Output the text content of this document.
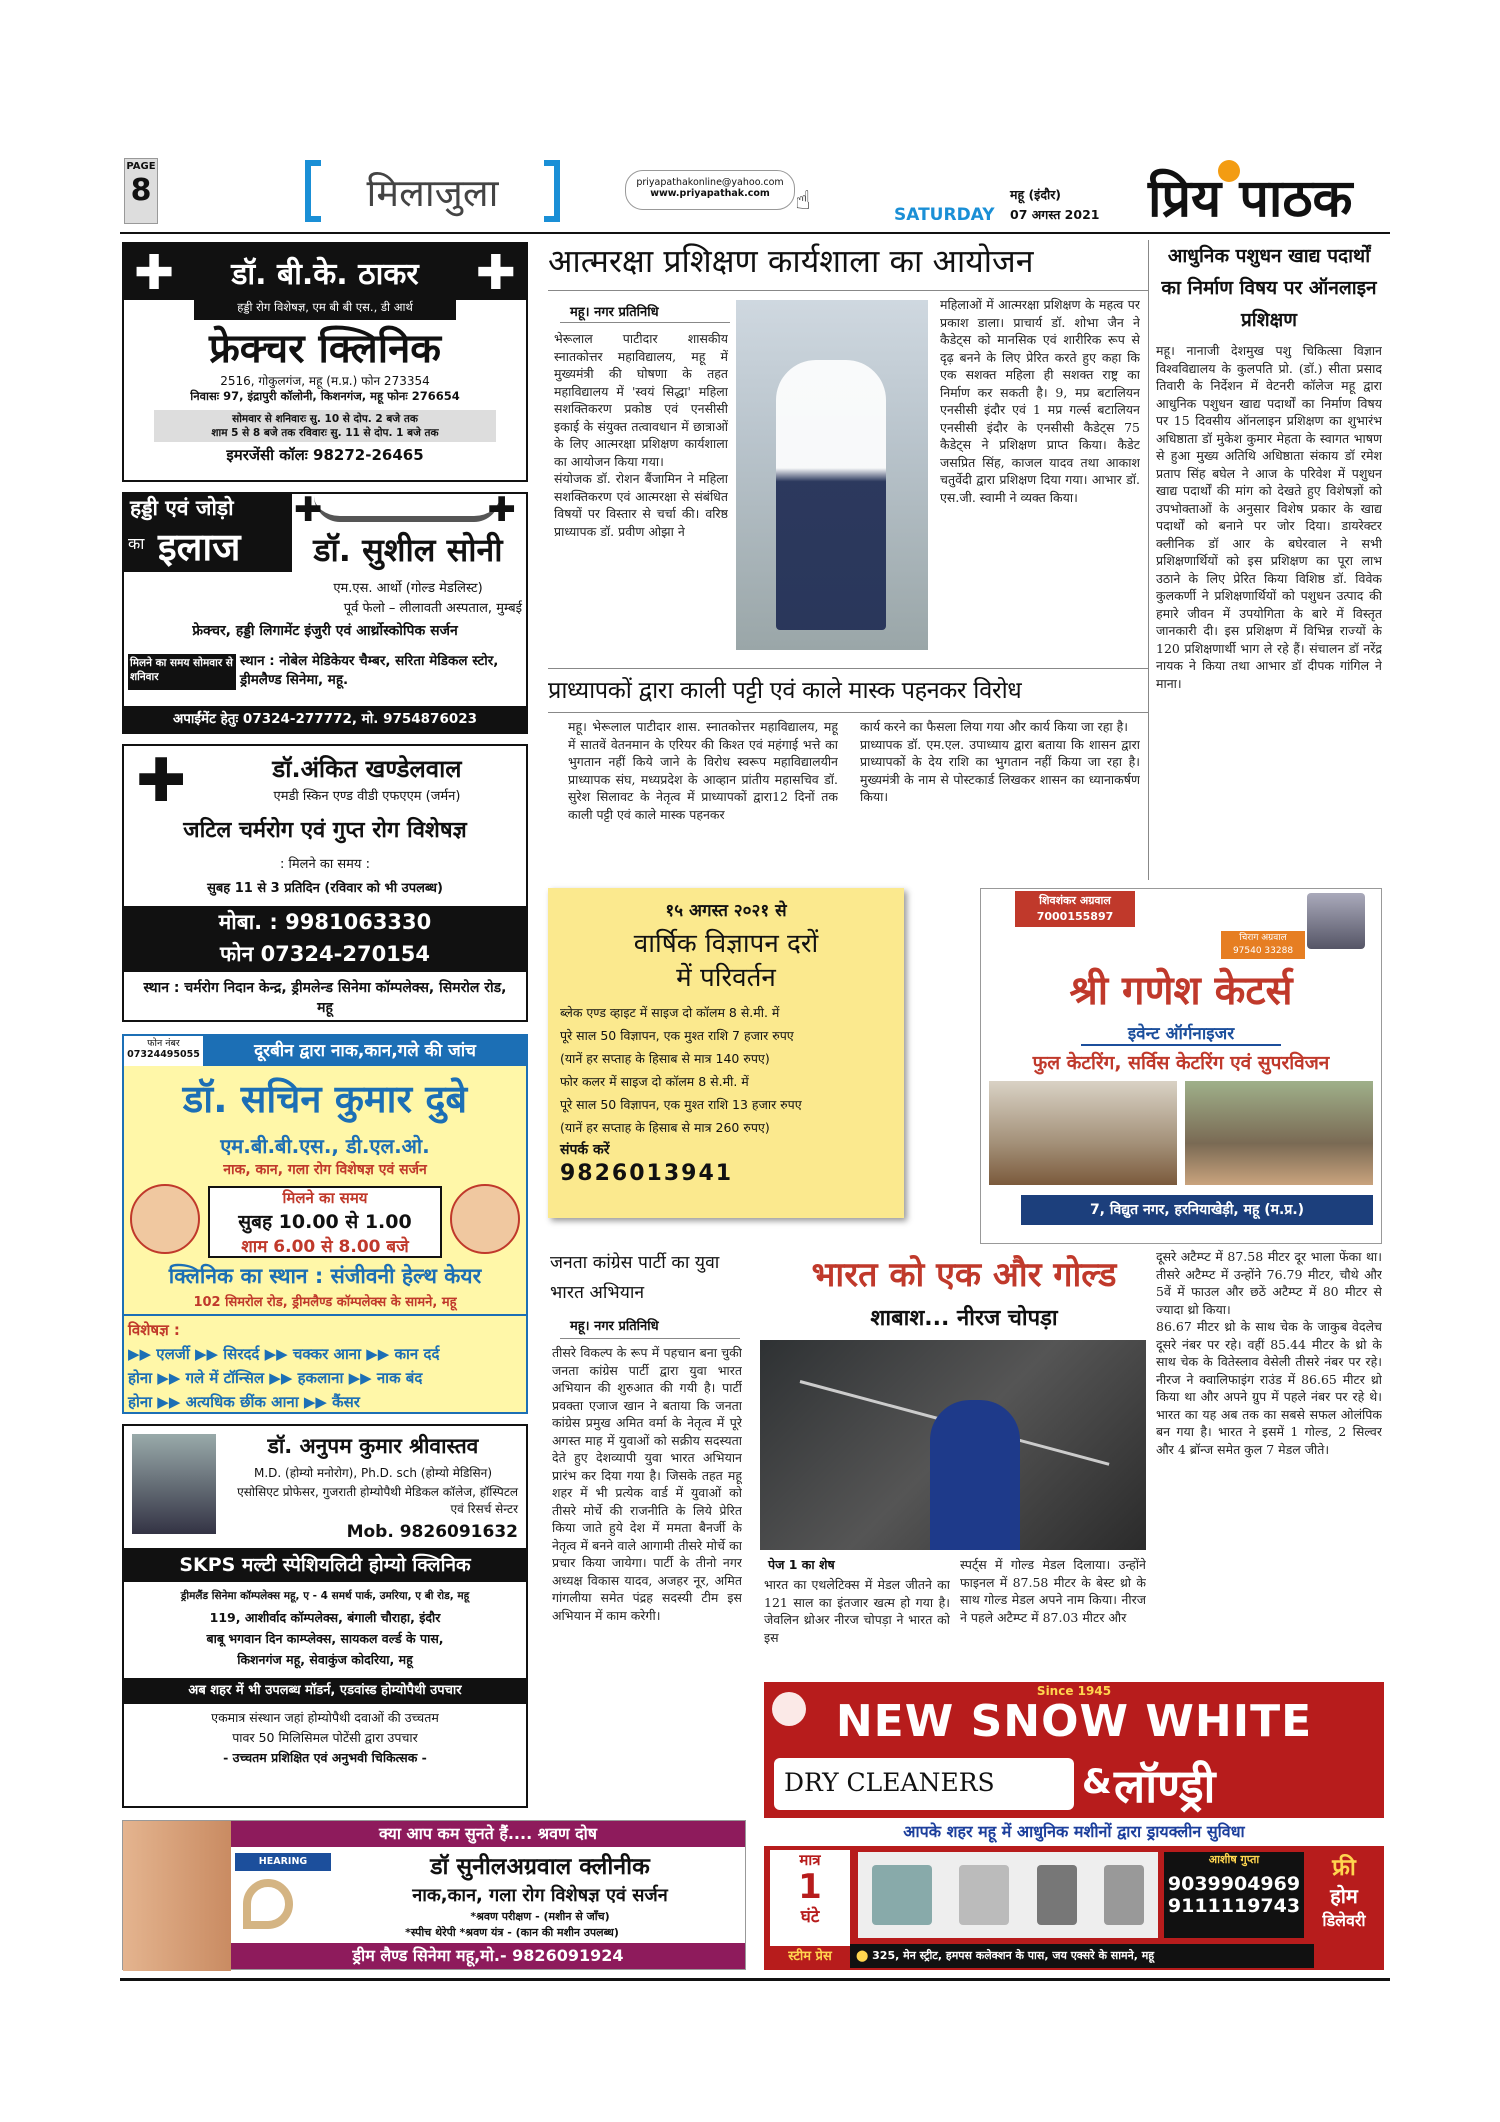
PAGE
8	मिलाजुला	priyapathakonline@yahoo.com
www.priyapathak.com ☝	SATURDAY
महू (इंदौर)
07 अगस्त 2021 प्रिय पाठक
✚	डॉ. बी.के. ठाकर	✚
हड्डी रोग विशेषज्ञ, एम बी बी एस., डी आर्थ
फ्रेक्चर क्लिनिक
2516, गोकुलगंज, महू (म.प्र.) फोन 273354
निवासः 97, इंद्रापुरी कॉलोनी, किशनगंज, महू फोनः 276654
सोमवार से शनिवारः सु. 10 से दोप. 2 बजे तक
शाम 5 से 8 बजे तक रविवारः सु. 11 से दोप. 1 बजे तक
इमरजेंसी कॉलः 98272-26465
हड्डी एवं जोड़ो
का इलाज
✚	✚
डॉ. सुशील सोनी
एम.एस. आर्थो (गोल्ड मेडलिस्ट)
पूर्व फेलो – लीलावती अस्पताल, मुम्बई
फ्रेक्चर, हड्डी लिगामेंट इंजुरी एवं आर्थ्रोस्कोपिक सर्जन
मिलने का समय सोमवार से शनिवार
स्थान : नोबेल मेडिकेयर चैम्बर, सरिता मेडिकल स्टोर, ड्रीमलैण्ड सिनेमा, महू.
अपाईंमेंट हेतुः 07324-277772, मो. 9754876023
✚	डॉ.अंकित खण्डेलवाल
एमडी स्किन एण्ड वीडी एफएएम (जर्मन)
जटिल चर्मरोग एवं गुप्त रोग विशेषज्ञ
: मिलने का समय :
सुबह 11 से 3 प्रतिदिन (रविवार को भी उपलब्ध)
मोबा. : 9981063330
फोन 07324-270154
स्थान : चर्मरोग निदान केन्द्र, ड्रीमलेन्ड सिनेमा कॉम्पलेक्स, सिमरोल रोड, महू
फोन नंबर
07324495055	दूरबीन द्वारा नाक,कान,गले की जांच
डॉ. सचिन कुमार दुबे
एम.बी.बी.एस., डी.एल.ओ.
नाक, कान, गला रोग विशेषज्ञ एवं सर्जन
मिलने का समय
सुबह 10.00 से 1.00
शाम 6.00 से 8.00 बजे
क्लिनिक का स्थान : संजीवनी हेल्थ केयर
102 सिमरोल रोड, ड्रीमलैण्ड कॉम्पलेक्स के सामने, महू
विशेषज्ञ :
▶▶ एलर्जी ▶▶ सिरदर्द ▶▶ चक्कर आना ▶▶ कान दर्द
होना ▶▶ गले में टॉन्सिल ▶▶ हकलाना ▶▶ नाक बंद
होना ▶▶ अत्यधिक छींक आना ▶▶ कैंसर
डॉ. अनुपम कुमार श्रीवास्तव
M.D. (होम्यो मनोरोग), Ph.D. sch (होम्यो मेडिसिन)
एसोसिएट प्रोफेसर, गुजराती होम्योपैथी मेडिकल कॉलेज, हॉस्पिटल एवं रिसर्च सेन्टर
Mob. 9826091632
SKPS मल्टी स्पेशियलिटी होम्यो क्लिनिक
ड्रीमलैंड सिनेमा कॉम्पलेक्स महू, ए - 4 समर्थ पार्क, उमरिया, ए बी रोड, महू
119, आशीर्वाद कॉम्पलेक्स, बंगाली चौराहा, इंदौर
बाबू भगवान दिन काम्प्लेक्स, सायकल वर्ल्ड के पास,
किशनगंज महू, सेवाकुंज कोदरिया, महू
अब शहर में भी उपलब्ध मॉडर्न, एडवांस्ड होम्योपैथी उपचार
एकमात्र संस्थान जहां होम्योपैथी दवाओं की उच्चतम
पावर 50 मिलिसिमल पोटेंसी द्वारा उपचार
- उच्चतम प्रशिक्षित एवं अनुभवी चिकित्सक -
आत्मरक्षा प्रशिक्षण कार्यशाला का आयोजन
महू। नगर प्रतिनिधि
भेरूलाल पाटीदार शासकीय स्नातकोत्तर महाविद्यालय, महू में मुख्यमंत्री की घोषणा के तहत महाविद्यालय में 'स्वयं सिद्धा' महिला सशक्तिकरण प्रकोष्ठ एवं एनसीसी इकाई के संयुक्त तत्वावधान में छात्राओं के लिए आत्मरक्षा प्रशिक्षण कार्यशाला का आयोजन किया गया।
संयोजक डॉ. रोशन बैंजामिन ने महिला सशक्तिकरण एवं आत्मरक्षा से संबंधित विषयों पर विस्तार से चर्चा की। वरिष्ठ प्राध्यापक डॉ. प्रवीण ओझा ने
महिलाओं में आत्मरक्षा प्रशिक्षण के महत्व पर प्रकाश डाला। प्राचार्य डॉ. शोभा जैन ने कैडेट्स को मानसिक एवं शारीरिक रूप से दृढ़ बनने के लिए प्रेरित करते हुए कहा कि एक सशक्त महिला ही सशक्त राष्ट्र का निर्माण कर सकती है। 9, मप्र बटालियन एनसीसी इंदौर एवं 1 मप्र गर्ल्स बटालियन एनसीसी इंदौर के एनसीसी कैडेट्स 75 कैडेट्स ने प्रशिक्षण प्राप्त किया। कैडेट जसप्रित सिंह, काजल यादव तथा आकाश चतुर्वेदी द्वारा प्रशिक्षण दिया गया। आभार डॉ. एस.जी. स्वामी ने व्यक्त किया।
प्राध्यापकों द्वारा काली पट्टी एवं काले मास्क पहनकर विरोध
महू। भेरूलाल पाटीदार शास. स्नातकोत्तर महाविद्यालय, महू में सातवें वेतनमान के एरियर की किश्त एवं महंगाई भत्ते का भुगतान नहीं किये जाने के विरोध स्वरूप महाविद्यालयीन प्राध्यापक संघ, मध्यप्रदेश के आव्हान प्रांतीय महासचिव डॉ. सुरेश सिलावट के नेतृत्व में प्राध्यापकों द्वारा12 दिनों तक काली पट्टी एवं काले मास्क पहनकर
कार्य करने का फैसला लिया गया और कार्य किया जा रहा है।
प्राध्यापक डॉ. एम.एल. उपाध्याय द्वारा बताया कि शासन द्वारा प्राध्यापकों के देय राशि का भुगतान नहीं किया जा रहा है। मुख्यमंत्री के नाम से पोस्टकार्ड लिखकर शासन का ध्यानाकर्षण किया।
आधुनिक पशुधन खाद्य पदार्थों का निर्माण विषय पर ऑनलाइन प्रशिक्षण
महू। नानाजी देशमुख पशु चिकित्सा विज्ञान विश्वविद्यालय के कुलपति प्रो. (डॉ.) सीता प्रसाद तिवारी के निर्देशन में वेटनरी कॉलेज महू द्वारा आधुनिक पशुधन खाद्य पदार्थों का निर्माण विषय पर 15 दिवसीय ऑनलाइन प्रशिक्षण का शुभारंभ अधिष्ठाता डॉ मुकेश कुमार मेहता के स्वागत भाषण से हुआ मुख्य अतिथि अधिष्ठाता संकाय डॉ रमेश प्रताप सिंह बघेल ने आज के परिवेश में पशुधन खाद्य पदार्थों की मांग को देखते हुए विशेषज्ञों को उपभोक्ताओं के अनुसार विशेष प्रकार के खाद्य पदार्थों को बनाने पर जोर दिया। डायरेक्टर क्लीनिक डॉ आर के बघेरवाल ने सभी प्रशिक्षणार्थियों को इस प्रशिक्षण का पूरा लाभ उठाने के लिए प्रेरित किया विशिष्ठ डॉ. विवेक कुलकर्णी ने प्रशिक्षणार्थियों को पशुधन उत्पाद की हमारे जीवन में उपयोगिता के बारे में विस्तृत जानकारी दी। इस प्रशिक्षण में विभिन्न राज्यों के 120 प्रशिक्षणार्थी भाग ले रहे हैं। संचालन डॉ नरेंद्र नायक ने किया तथा आभार डॉ दीपक गांगिल ने माना।
१५ अगस्त २०२१ से
वार्षिक विज्ञापन दरों
में परिवर्तन
ब्लेक एण्ड व्हाइट में साइज दो कॉलम 8 से.मी. में
पूरे साल 50 विज्ञापन, एक मुश्त राशि 7 हजार रुपए
(यानें हर सप्ताह के हिसाब से मात्र 140 रुपए)
फोर कलर में साइज दो कॉलम 8 से.मी. में
पूरे साल 50 विज्ञापन, एक मुश्त राशि 13 हजार रुपए
(यानें हर सप्ताह के हिसाब से मात्र 260 रुपए)
संपर्क करें
9826013941
शिवशंकर अग्रवाल
7000155897
चिराग अग्रवाल
97540 33288
श्री गणेश केटर्स
इवेन्ट ऑर्गनाइजर
फुल केटरिंग, सर्विस केटरिंग एवं सुपरविजन
7, विद्युत नगर, हरनियाखेड़ी, महू (म.प्र.)
जनता कांग्रेस पार्टी का युवा भारत अभियान
महू। नगर प्रतिनिधि
तीसरे विकल्प के रूप में पहचान बना चुकी जनता कांग्रेस पार्टी द्वारा युवा भारत अभियान की शुरुआत की गयी है। पार्टी प्रवक्ता एजाज खान ने बताया कि जनता कांग्रेस प्रमुख अमित वर्मा के नेतृत्व में पूरे अगस्त माह में युवाओं को सक्रीय सदस्यता देते हुए देशव्यापी युवा भारत अभियान प्रारंभ कर दिया गया है। जिसके तहत महू शहर में भी प्रत्येक वार्ड में युवाओं को तीसरे मोर्चे की राजनीति के लिये प्रेरित किया जाते हुये देश में ममता बैनर्जी के नेतृत्व में बनने वाले आगामी तीसरे मोर्चे का प्रचार किया जायेगा। पार्टी के तीनो नगर अध्यक्ष विकास यादव, अजहर नूर, अमित गांगलीया समेत पंद्रह सदस्यी टीम इस अभियान में काम करेगी।
भारत को एक और गोल्ड
शाबाश... नीरज चोपड़ा
पेज 1 का शेष
भारत का एथलेटिक्स में मेडल जीतने का 121 साल का इंतजार खत्म हो गया है। जेवलिन थ्रोअर नीरज चोपड़ा ने भारत को इस
स्पर्ट्स में गोल्ड मेडल दिलाया। उन्होंने फाइनल में 87.58 मीटर के बेस्ट थ्रो के साथ गोल्ड मेडल अपने नाम किया। नीरज ने पहले अटैम्प्ट में 87.03 मीटर और
दूसरे अटैम्प्ट में 87.58 मीटर दूर भाला फेंका था। तीसरे अटैम्प्ट में उन्होंने 76.79 मीटर, चौथे और 5वें में फाउल और छठें अटैम्प्ट में 80 मीटर से ज्यादा थ्रो किया।
86.67 मीटर थ्रो के साथ चेक के जाकुब वेदलेच दूसरे नंबर पर रहे। वहीं 85.44 मीटर के थ्रो के साथ चेक के वितेस्लाव वेसेली तीसरे नंबर पर रहे। नीरज ने क्वालिफाइंग राउंड में 86.65 मीटर थ्रो किया था और अपने ग्रुप में पहले नंबर पर रहे थे। भारत का यह अब तक का सबसे सफल ओलंपिक बन गया है। भारत ने इसमें 1 गोल्ड, 2 सिल्वर और 4 ब्रॉन्ज समेत कुल 7 मेडल जीते।
Since 1945
NEW SNOW WHITE
DRY CLEANERS	& लॉण्ड्री
आपके शहर महू में आधुनिक मशीनों द्वारा ड्रायक्लीन सुविधा
मात्र
1
घंटे
आशीष गुप्ता
9039904969
9111119743
फ्री
होम
डिलेवरी
⬤ 325, मेन स्ट्रीट, हमपस कलेक्शन के पास, जय एक्सरे के सामने, महू
स्टीम प्रेस
क्या आप कम सुनते हैं.... श्रवण दोष
HEARING SOLUTION	डॉ सुनीलअग्रवाल क्लीनीक
नाक,कान, गला रोग विशेषज्ञ एवं सर्जन
*श्रवण परीक्षण - (मशीन से जाँच)
*स्पीच थेरेपी *श्रवण यंत्र - (कान की मशीन उपलब्ध)
ड्रीम लैण्ड सिनेमा महू,मो.- 9826091924
